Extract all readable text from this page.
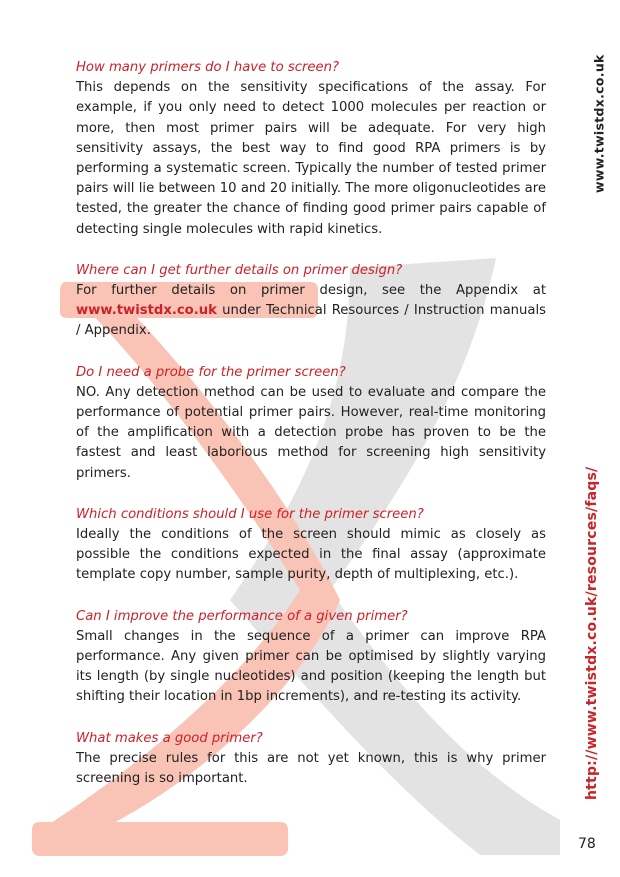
How many primers do I have to screen?

This depends on the sensitivity specifications of the assay. For example, if you only need to detect 1000 molecules per reaction or more, then most primer pairs will be adequate. For very high sensitivity assays, the best way to find good RPA primers is by performing a systematic screen. Typically the number of tested primer pairs will lie between 10 and 20 initially. The more oligonucleotides are tested, the greater the chance of finding good primer pairs capable of detecting single molecules with rapid kinetics.

Where can I get further details on primer design?

For further details on primer design, see the Appendix at www.twistdx.co.uk under Technical Resources / Instruction manuals / Appendix.

Do I need a probe for the primer screen?

NO. Any detection method can be used to evaluate and compare the performance of potential primer pairs. However, real-time monitoring of the amplification with a detection probe has proven to be the fastest and least laborious method for screening high sensitivity primers.

Which conditions should I use for the primer screen?

Ideally the conditions of the screen should mimic as closely as possible the conditions expected in the final assay (approximate template copy number, sample purity, depth of multiplexing, etc.).

Can I improve the performance of a given primer?

Small changes in the sequence of a primer can improve RPA performance. Any given primer can be optimised by slightly varying its length (by single nucleotides) and position (keeping the length but shifting their location in 1bp increments), and re-testing its activity.

What makes a good primer?

The precise rules for this are not yet known, this is why primer screening is so important.

www.twistdx.co.uk
http://www.twistdx.co.uk/resources/faqs/
78
